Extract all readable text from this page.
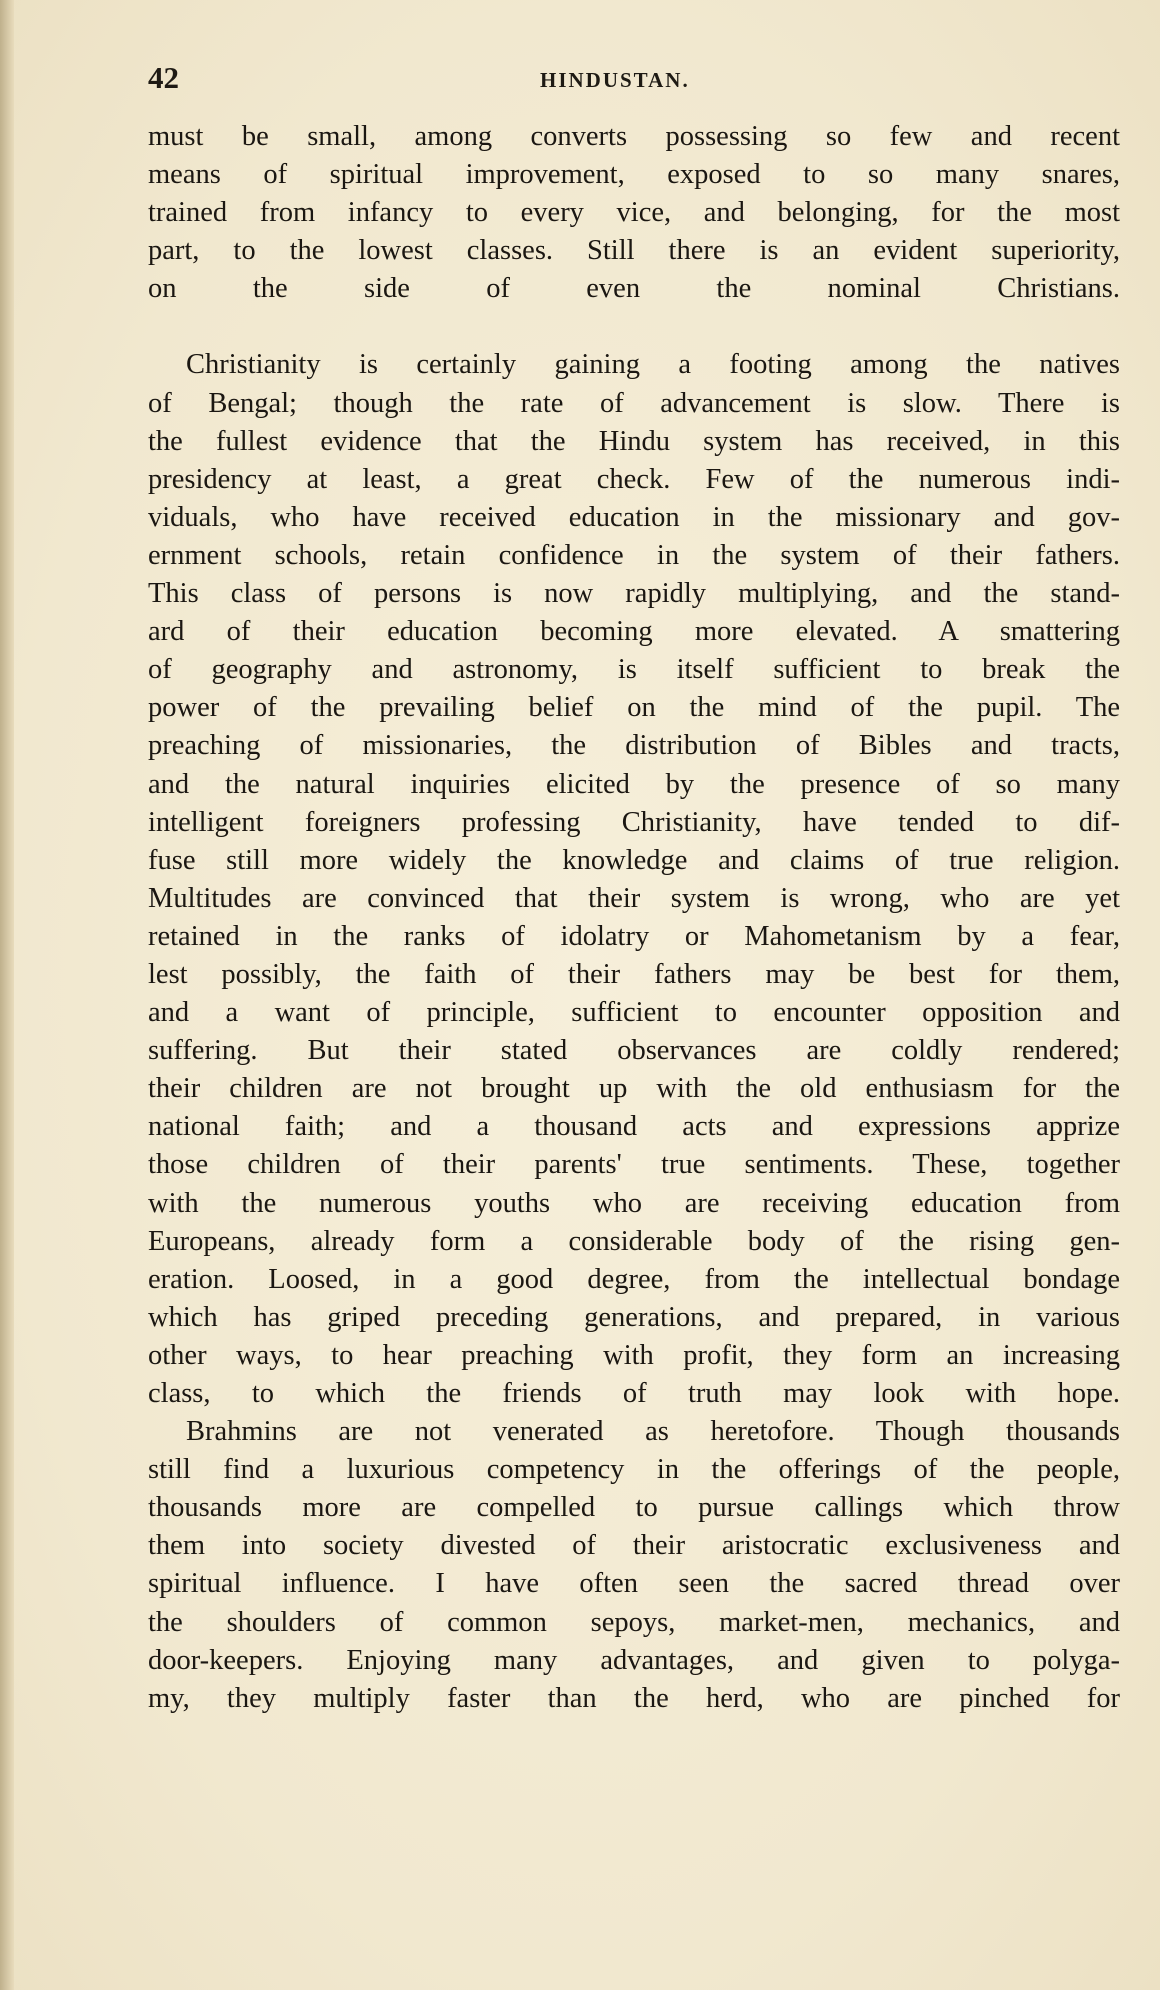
42	HINDUSTAN.

must be small, among converts possessing so few and recent

means of spiritual improvement, exposed to so many snares,

trained from infancy to every vice, and belonging, for the most

part, to the lowest classes. Still there is an evident superiority,

on the side of even the nominal Christians.

Christianity is certainly gaining a footing among the natives

of Bengal; though the rate of advancement is slow. There is

the fullest evidence that the Hindu system has received, in this

presidency at least, a great check. Few of the numerous indi-

viduals, who have received education in the missionary and gov-

ernment schools, retain confidence in the system of their fathers.

This class of persons is now rapidly multiplying, and the stand-

ard of their education becoming more elevated. A smattering

of geography and astronomy, is itself sufficient to break the

power of the prevailing belief on the mind of the pupil. The

preaching of missionaries, the distribution of Bibles and tracts,

and the natural inquiries elicited by the presence of so many

intelligent foreigners professing Christianity, have tended to dif-

fuse still more widely the knowledge and claims of true religion.

Multitudes are convinced that their system is wrong, who are yet

retained in the ranks of idolatry or Mahometanism by a fear,

lest possibly, the faith of their fathers may be best for them,

and a want of principle, sufficient to encounter opposition and

suffering. But their stated observances are coldly rendered;

their children are not brought up with the old enthusiasm for the

national faith; and a thousand acts and expressions apprize

those children of their parents' true sentiments. These, together

with the numerous youths who are receiving education from

Europeans, already form a considerable body of the rising gen-

eration. Loosed, in a good degree, from the intellectual bondage

which has griped preceding generations, and prepared, in various

other ways, to hear preaching with profit, they form an increasing

class, to which the friends of truth may look with hope.

Brahmins are not venerated as heretofore. Though thousands

still find a luxurious competency in the offerings of the people,

thousands more are compelled to pursue callings which throw

them into society divested of their aristocratic exclusiveness and

spiritual influence. I have often seen the sacred thread over

the shoulders of common sepoys, market-men, mechanics, and

door-keepers. Enjoying many advantages, and given to polyga-

my, they multiply faster than the herd, who are pinched for
